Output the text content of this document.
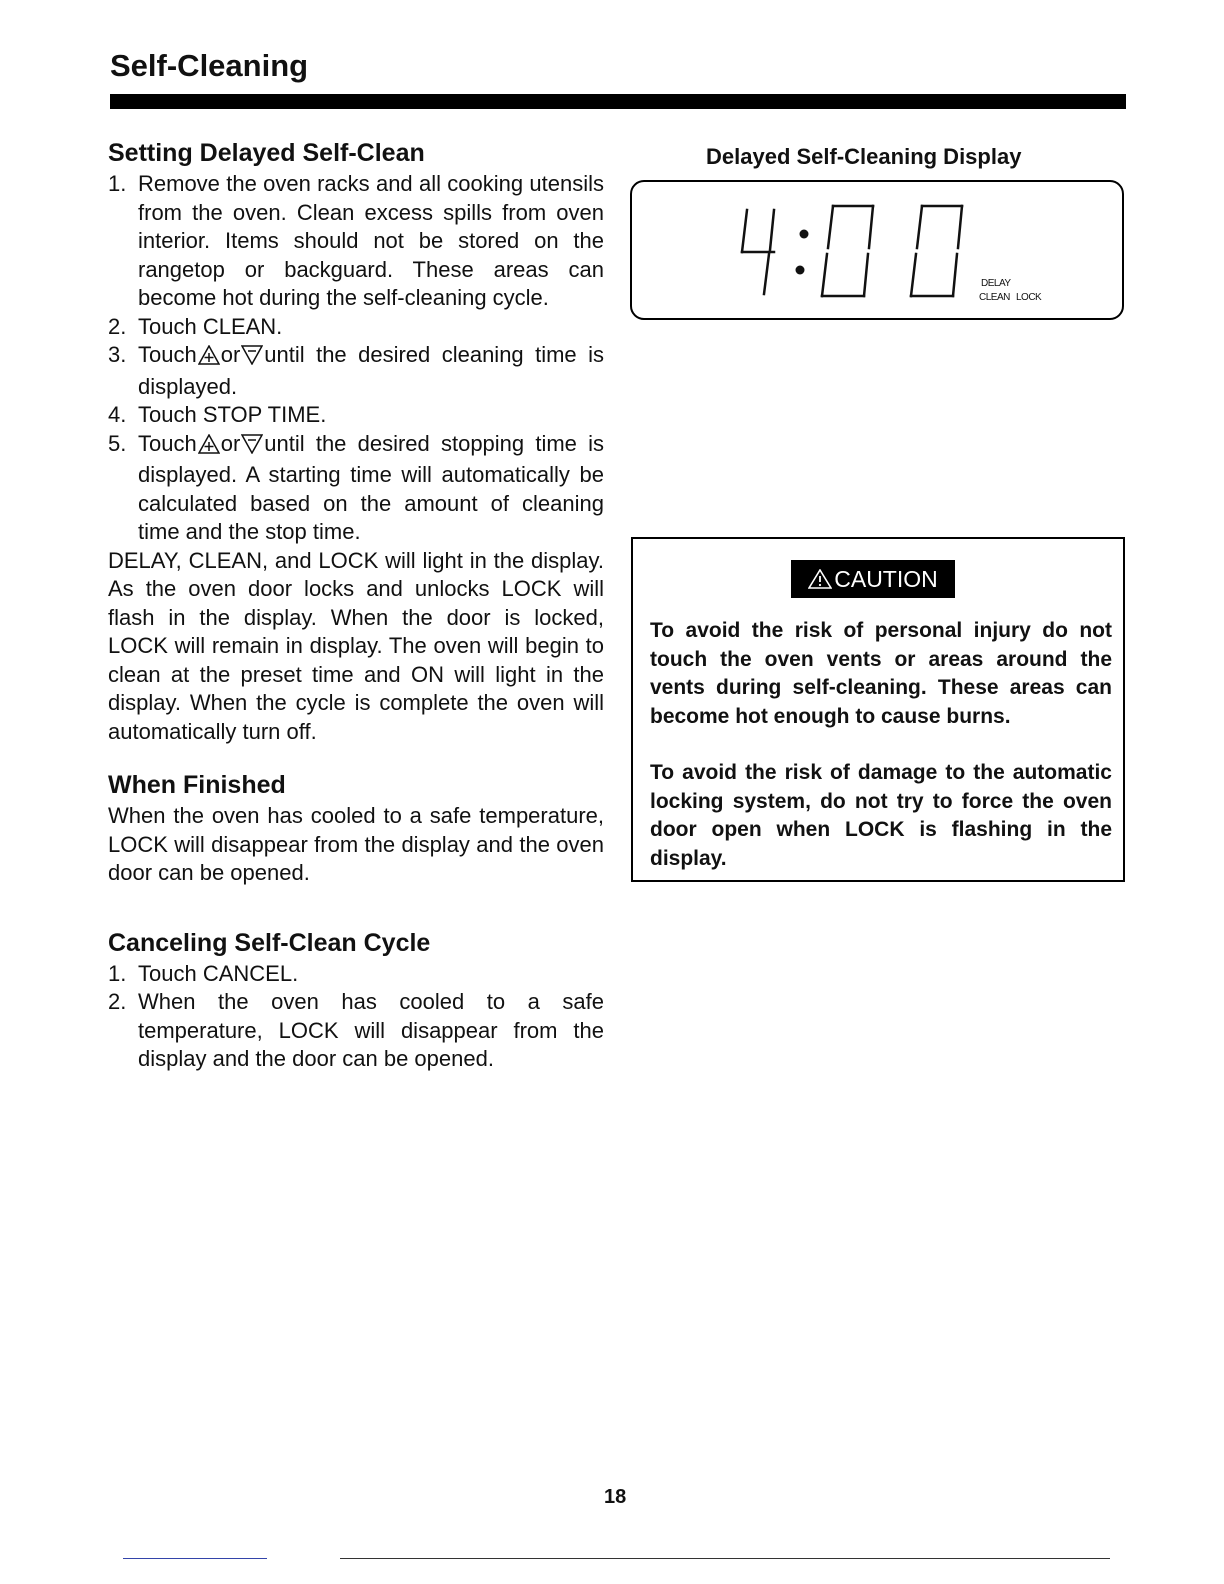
Self-Cleaning
Setting Delayed Self-Clean
1. Remove the oven racks and all cooking utensils from the oven. Clean excess spills from oven interior. Items should not be stored on the rangetop or backguard. These areas can become hot during the self-cleaning cycle.
2. Touch CLEAN.
3. Touch or until the desired cleaning time is displayed.
4. Touch STOP TIME.
5. Touch or until the desired stopping time is displayed. A starting time will automatically be calculated based on the amount of cleaning time and the stop time.

DELAY, CLEAN, and LOCK will light in the display. As the oven door locks and unlocks LOCK will flash in the display. When the door is locked, LOCK will remain in display. The oven will begin to clean at the preset time and ON will light in the display. When the cycle is complete the oven will automatically turn off.

When Finished

When the oven has cooled to a safe temperature, LOCK will disappear from the display and the oven door can be opened.

Canceling Self-Clean Cycle
1. Touch CANCEL.
2. When the oven has cooled to a safe temperature, LOCK will disappear from the display and the door can be opened.
Delayed Self-Cleaning Display
DELAY
CLEAN LOCK
CAUTION

To avoid the risk of personal injury do not touch the oven vents or areas around the vents during self-cleaning. These areas can become hot enough to cause burns.

To avoid the risk of damage to the automatic locking system, do not try to force the oven door open when LOCK is flashing in the display.

18
